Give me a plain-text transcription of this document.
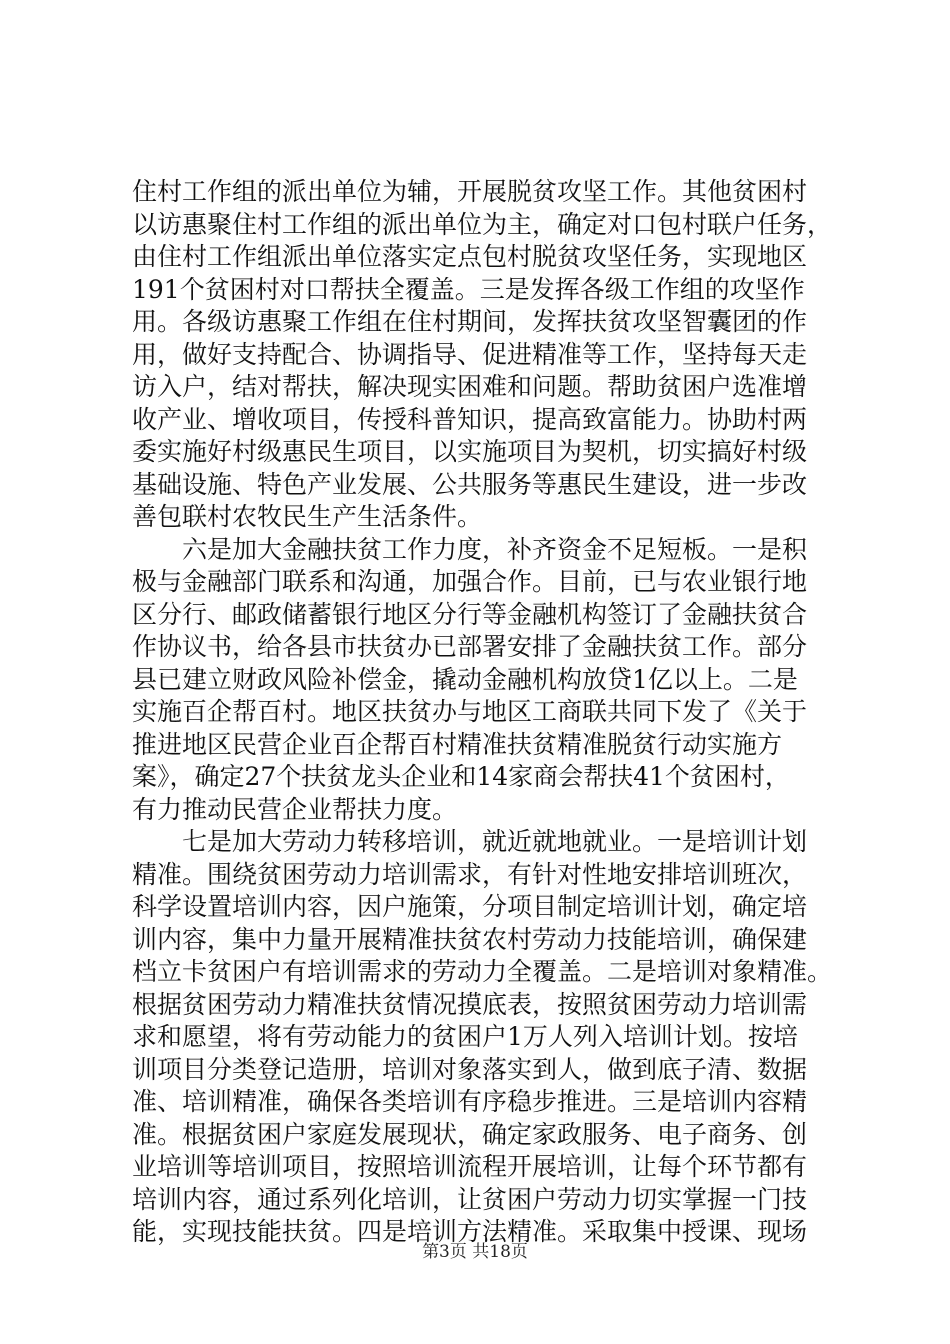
住村工作组的派出单位为辅，开展脱贫攻坚工作。其他贫困村
以访惠聚住村工作组的派出单位为主，确定对口包村联户任务，
由住村工作组派出单位落实定点包村脱贫攻坚任务，实现地区
191个贫困村对口帮扶全覆盖。三是发挥各级工作组的攻坚作
用。各级访惠聚工作组在住村期间，发挥扶贫攻坚智囊团的作
用，做好支持配合、协调指导、促进精准等工作，坚持每天走
访入户，结对帮扶，解决现实困难和问题。帮助贫困户选准增
收产业、增收项目，传授科普知识，提高致富能力。协助村两
委实施好村级惠民生项目，以实施项目为契机，切实搞好村级
基础设施、特色产业发展、公共服务等惠民生建设，进一步改
善包联村农牧民生产生活条件。
六是加大金融扶贫工作力度，补齐资金不足短板。一是积
极与金融部门联系和沟通，加强合作。目前，已与农业银行地
区分行、邮政储蓄银行地区分行等金融机构签订了金融扶贫合
作协议书，给各县市扶贫办已部署安排了金融扶贫工作。部分
县已建立财政风险补偿金，撬动金融机构放贷1亿以上。二是
实施百企帮百村。地区扶贫办与地区工商联共同下发了《关于
推进地区民营企业百企帮百村精准扶贫精准脱贫行动实施方
案》，确定27个扶贫龙头企业和14家商会帮扶41个贫困村，
有力推动民营企业帮扶力度。
七是加大劳动力转移培训，就近就地就业。一是培训计划
精准。围绕贫困劳动力培训需求，有针对性地安排培训班次，
科学设置培训内容，因户施策，分项目制定培训计划，确定培
训内容，集中力量开展精准扶贫农村劳动力技能培训，确保建
档立卡贫困户有培训需求的劳动力全覆盖。二是培训对象精准。
根据贫困劳动力精准扶贫情况摸底表，按照贫困劳动力培训需
求和愿望，将有劳动能力的贫困户1万人列入培训计划。按培
训项目分类登记造册，培训对象落实到人，做到底子清、数据
准、培训精准，确保各类培训有序稳步推进。三是培训内容精
准。根据贫困户家庭发展现状，确定家政服务、电子商务、创
业培训等培训项目，按照培训流程开展培训，让每个环节都有
培训内容，通过系列化培训，让贫困户劳动力切实掌握一门技
能，实现技能扶贫。四是培训方法精准。采取集中授课、现场
第3页 共18页
